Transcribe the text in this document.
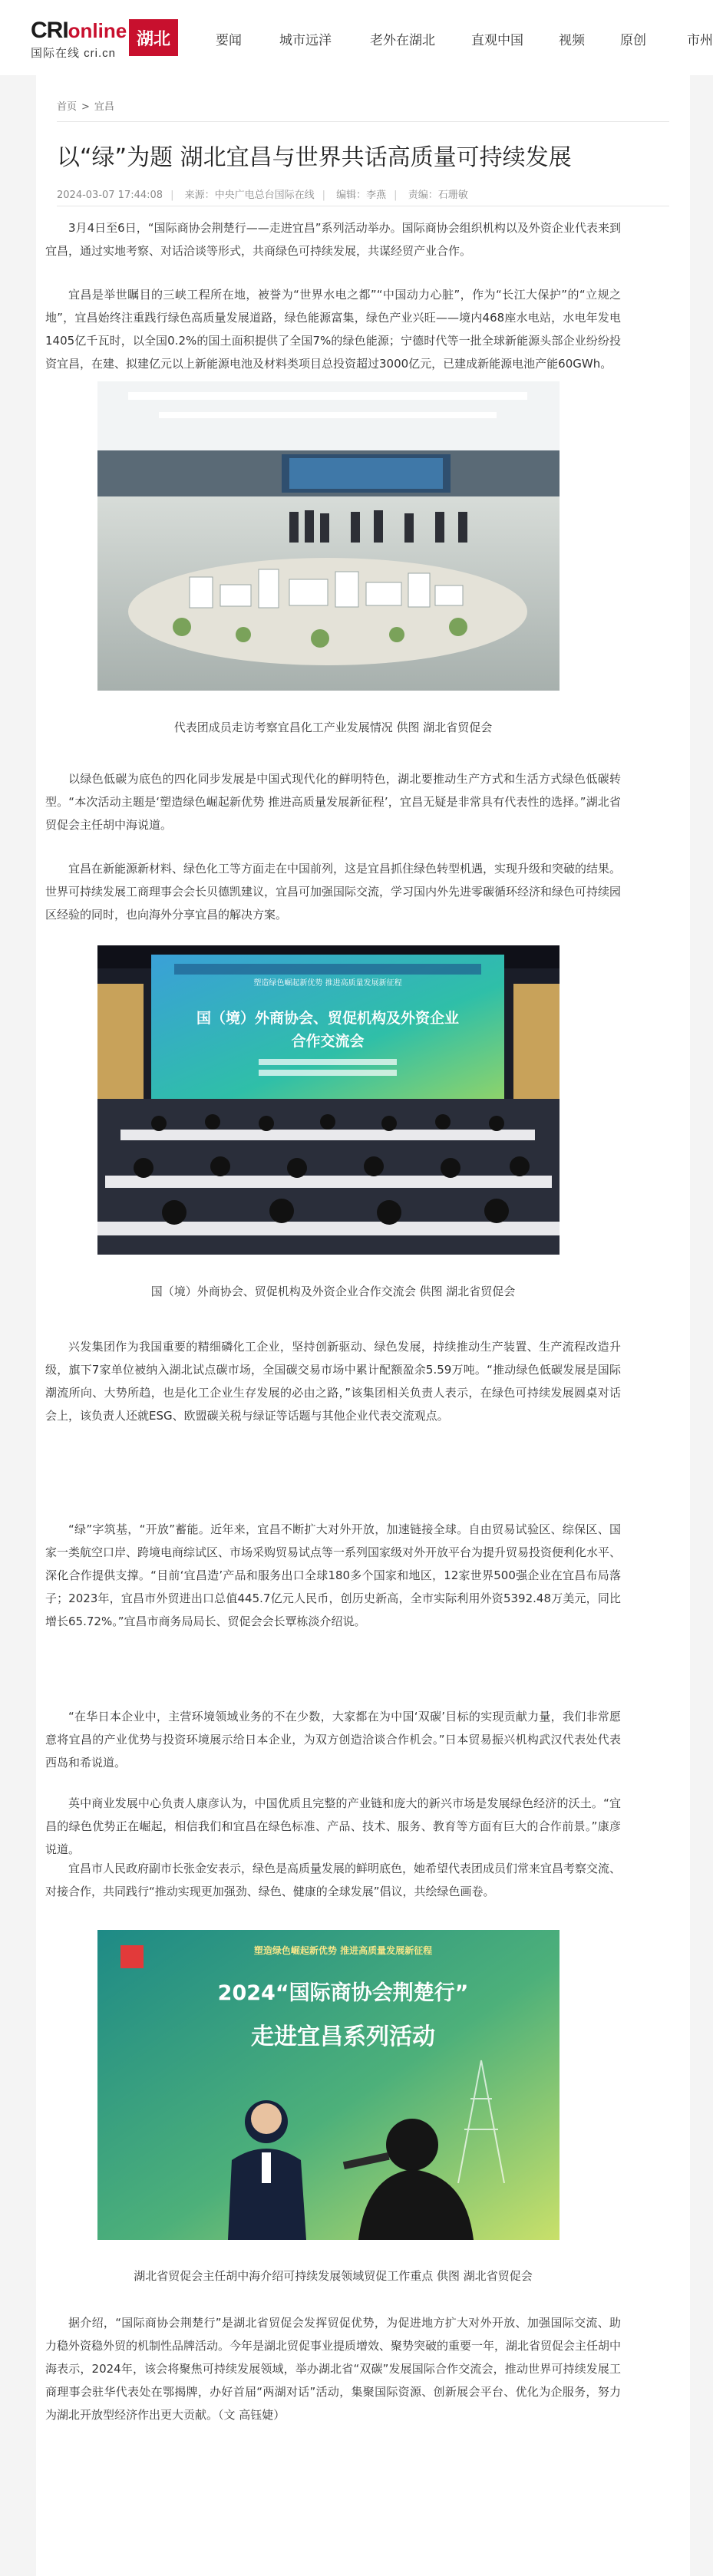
CRIonline
国际在线 cri.cn
湖北	要闻	城市远洋	老外在湖北	直观中国	视频	原创	市州
首页 > 宜昌
以“绿”为题 湖北宜昌与世界共话高质量可持续发展
2024-03-07 17:44:08 | 来源：中央广电总台国际在线 | 编辑：李燕 | 责编：石珊敏

3月4日至6日，“国际商协会荆楚行——走进宜昌”系列活动举办。国际商协会组织机构以及外资企业代表来到宜昌，通过实地考察、对话洽谈等形式，共商绿色可持续发展，共谋经贸产业合作。

宜昌是举世瞩目的三峡工程所在地，被誉为“世界水电之都”“中国动力心脏”，作为“长江大保护”的“立规之地”，宜昌始终注重践行绿色高质量发展道路，绿色能源富集，绿色产业兴旺——境内468座水电站，水电年发电1405亿千瓦时，以全国0.2%的国土面积提供了全国7%的绿色能源；宁德时代等一批全球新能源头部企业纷纷投资宜昌，在建、拟建亿元以上新能源电池及材料类项目总投资超过3000亿元，已建成新能源电池产能60GWh。

代表团成员走访考察宜昌化工产业发展情况 供图 湖北省贸促会

以绿色低碳为底色的四化同步发展是中国式现代化的鲜明特色，湖北要推动生产方式和生活方式绿色低碳转型。“本次活动主题是‘塑造绿色崛起新优势 推进高质量发展新征程’，宜昌无疑是非常具有代表性的选择。”湖北省贸促会主任胡中海说道。

宜昌在新能源新材料、绿色化工等方面走在中国前列，这是宜昌抓住绿色转型机遇，实现升级和突破的结果。世界可持续发展工商理事会会长贝德凯建议，宜昌可加强国际交流，学习国内外先进零碳循环经济和绿色可持续园区经验的同时，也向海外分享宜昌的解决方案。

塑造绿色崛起新优势 推进高质量发展新征程
国（境）外商协会、贸促机构及外资企业
合作交流会
国（境）外商协会、贸促机构及外资企业合作交流会 供图 湖北省贸促会

兴发集团作为我国重要的精细磷化工企业，坚持创新驱动、绿色发展，持续推动生产装置、生产流程改造升级，旗下7家单位被纳入湖北试点碳市场，全国碳交易市场中累计配额盈余5.59万吨。“推动绿色低碳发展是国际潮流所向、大势所趋，也是化工企业生存发展的必由之路，”该集团相关负责人表示，在绿色可持续发展圆桌对话会上，该负责人还就ESG、欧盟碳关税与绿证等话题与其他企业代表交流观点。

“绿”字筑基，“开放”蓄能。近年来，宜昌不断扩大对外开放，加速链接全球。自由贸易试验区、综保区、国家一类航空口岸、跨境电商综试区、市场采购贸易试点等一系列国家级对外开放平台为提升贸易投资便利化水平、深化合作提供支撑。“目前‘宜昌造’产品和服务出口全球180多个国家和地区，12家世界500强企业在宜昌布局落子；2023年，宜昌市外贸进出口总值445.7亿元人民币，创历史新高，全市实际利用外资5392.48万美元，同比增长65.72%。”宜昌市商务局局长、贸促会会长覃栋淡介绍说。

“在华日本企业中，主营环境领域业务的不在少数，大家都在为中国‘双碳’目标的实现贡献力量，我们非常愿意将宜昌的产业优势与投资环境展示给日本企业，为双方创造洽谈合作机会。”日本贸易振兴机构武汉代表处代表西岛和希说道。

英中商业发展中心负责人康彦认为，中国优质且完整的产业链和庞大的新兴市场是发展绿色经济的沃土。“宜昌的绿色优势正在崛起，相信我们和宜昌在绿色标准、产品、技术、服务、教育等方面有巨大的合作前景。”康彦说道。

宜昌市人民政府副市长张金安表示，绿色是高质量发展的鲜明底色，她希望代表团成员们常来宜昌考察交流、对接合作，共同践行“推动实现更加强劲、绿色、健康的全球发展”倡议，共绘绿色画卷。

塑造绿色崛起新优势 推进高质量发展新征程
2024“国际商协会荆楚行”
走进宜昌系列活动
湖北省贸促会主任胡中海介绍可持续发展领域贸促工作重点 供图 湖北省贸促会

据介绍，“国际商协会荆楚行”是湖北省贸促会发挥贸促优势，为促进地方扩大对外开放、加强国际交流、助力稳外资稳外贸的机制性品牌活动。今年是湖北贸促事业提质增效、聚势突破的重要一年，湖北省贸促会主任胡中海表示，2024年，该会将聚焦可持续发展领域，举办湖北省“双碳”发展国际合作交流会，推动世界可持续发展工商理事会驻华代表处在鄂揭牌，办好首届“两湖对话”活动，集聚国际资源、创新展会平台、优化为企服务，努力为湖北开放型经济作出更大贡献。（文 高钰婕）
